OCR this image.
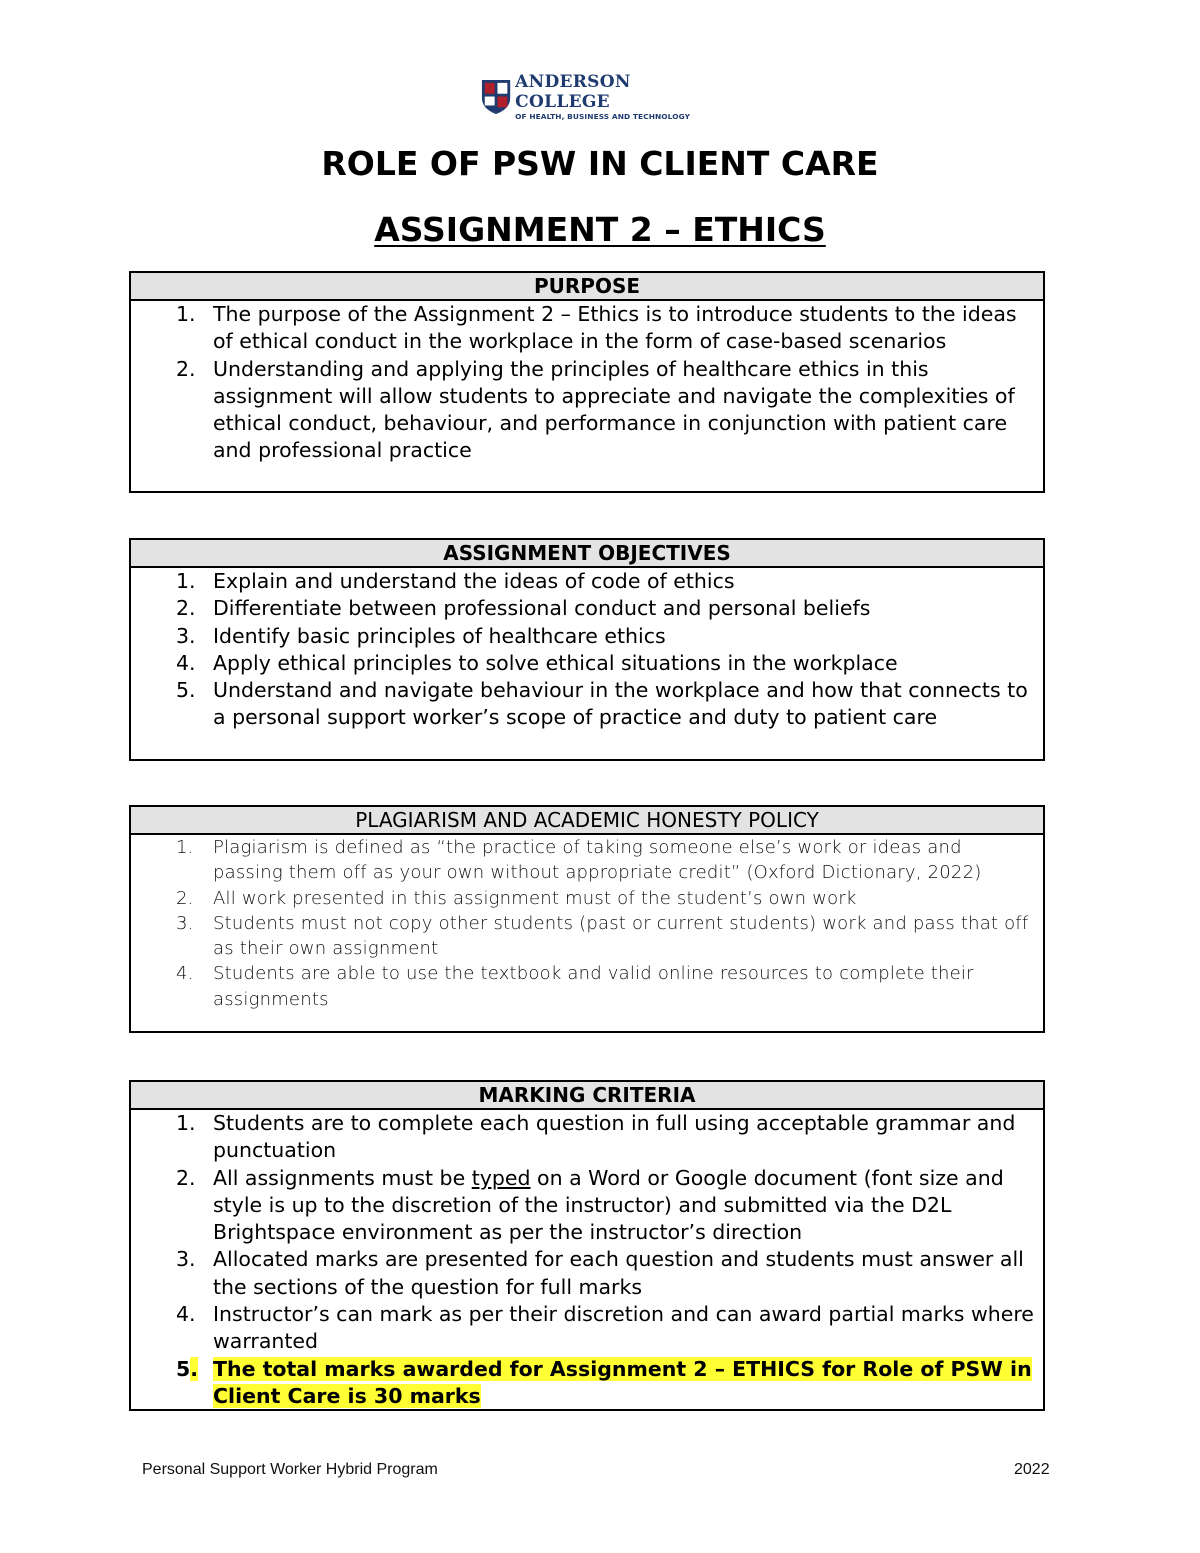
ANDERSON COLLEGE
OF HEALTH, BUSINESS AND TECHNOLOGY
ROLE OF PSW IN CLIENT CARE
ASSIGNMENT 2 – ETHICS
PURPOSE
1. The purpose of the Assignment 2 – Ethics is to introduce students to the ideas of ethical conduct in the workplace in the form of case-based scenarios
2. Understanding and applying the principles of healthcare ethics in this assignment will allow students to appreciate and navigate the complexities of ethical conduct, behaviour, and performance in conjunction with patient care and professional practice
ASSIGNMENT OBJECTIVES
1. Explain and understand the ideas of code of ethics
2. Differentiate between professional conduct and personal beliefs
3. Identify basic principles of healthcare ethics
4. Apply ethical principles to solve ethical situations in the workplace
5. Understand and navigate behaviour in the workplace and how that connects to a personal support worker’s scope of practice and duty to patient care
PLAGIARISM AND ACADEMIC HONESTY POLICY
1. Plagiarism is defined as “the practice of taking someone else’s work or ideas and passing them off as your own without appropriate credit” (Oxford Dictionary, 2022)
2. All work presented in this assignment must of the student’s own work
3. Students must not copy other students (past or current students) work and pass that off as their own assignment
4. Students are able to use the textbook and valid online resources to complete their assignments
MARKING CRITERIA
1. Students are to complete each question in full using acceptable grammar and punctuation
2. All assignments must be typed on a Word or Google document (font size and style is up to the discretion of the instructor) and submitted via the D2L Brightspace environment as per the instructor’s direction
3. Allocated marks are presented for each question and students must answer all the sections of the question for full marks
4. Instructor’s can mark as per their discretion and can award partial marks where warranted
5. The total marks awarded for Assignment 2 – ETHICS for Role of PSW in Client Care is 30 marks
Personal Support Worker Hybrid Program	2022
